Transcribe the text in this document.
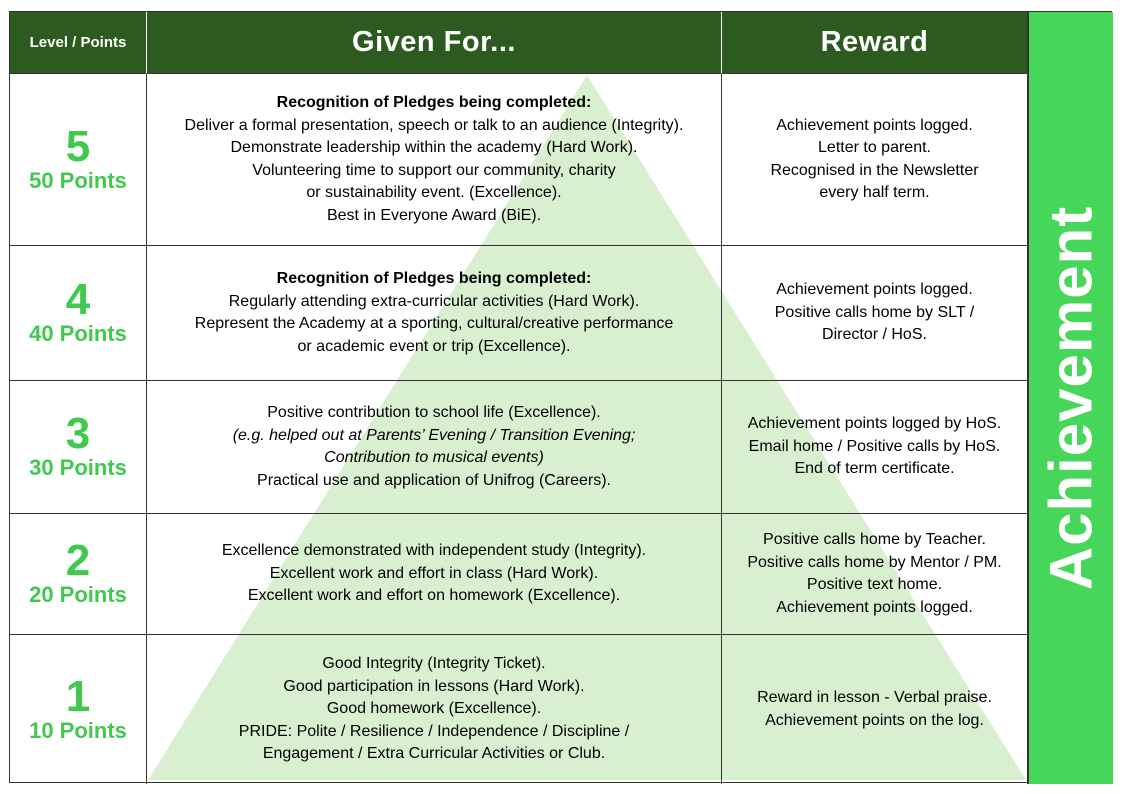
Level / Points	Given For...	Reward
Achievement
5
50 Points
Recognition of Pledges being completed:
Deliver a formal presentation, speech or talk to an audience (Integrity).
Demonstrate leadership within the academy (Hard Work).
Volunteering time to support our community, charity
or sustainability event. (Excellence).
Best in Everyone Award (BiE).
Achievement points logged.
Letter to parent.
Recognised in the Newsletter
every half term.
4
40 Points
Recognition of Pledges being completed:
Regularly attending extra-curricular activities (Hard Work).
Represent the Academy at a sporting, cultural/creative performance
or academic event or trip (Excellence).
Achievement points logged.
Positive calls home by SLT /
Director / HoS.
3
30 Points
Positive contribution to school life (Excellence).
(e.g. helped out at Parents’ Evening / Transition Evening;
Contribution to musical events)
Practical use and application of Unifrog (Careers).
Achievement points logged by HoS.
Email home / Positive calls by HoS.
End of term certificate.
2
20 Points
Excellence demonstrated with independent study (Integrity).
Excellent work and effort in class (Hard Work).
Excellent work and effort on homework (Excellence).
Positive calls home by Teacher.
Positive calls home by Mentor / PM.
Positive text home.
Achievement points logged.
1
10 Points
Good Integrity (Integrity Ticket).
Good participation in lessons (Hard Work).
Good homework (Excellence).
PRIDE: Polite / Resilience / Independence / Discipline /
Engagement / Extra Curricular Activities or Club.
Reward in lesson - Verbal praise.
Achievement points on the log.
